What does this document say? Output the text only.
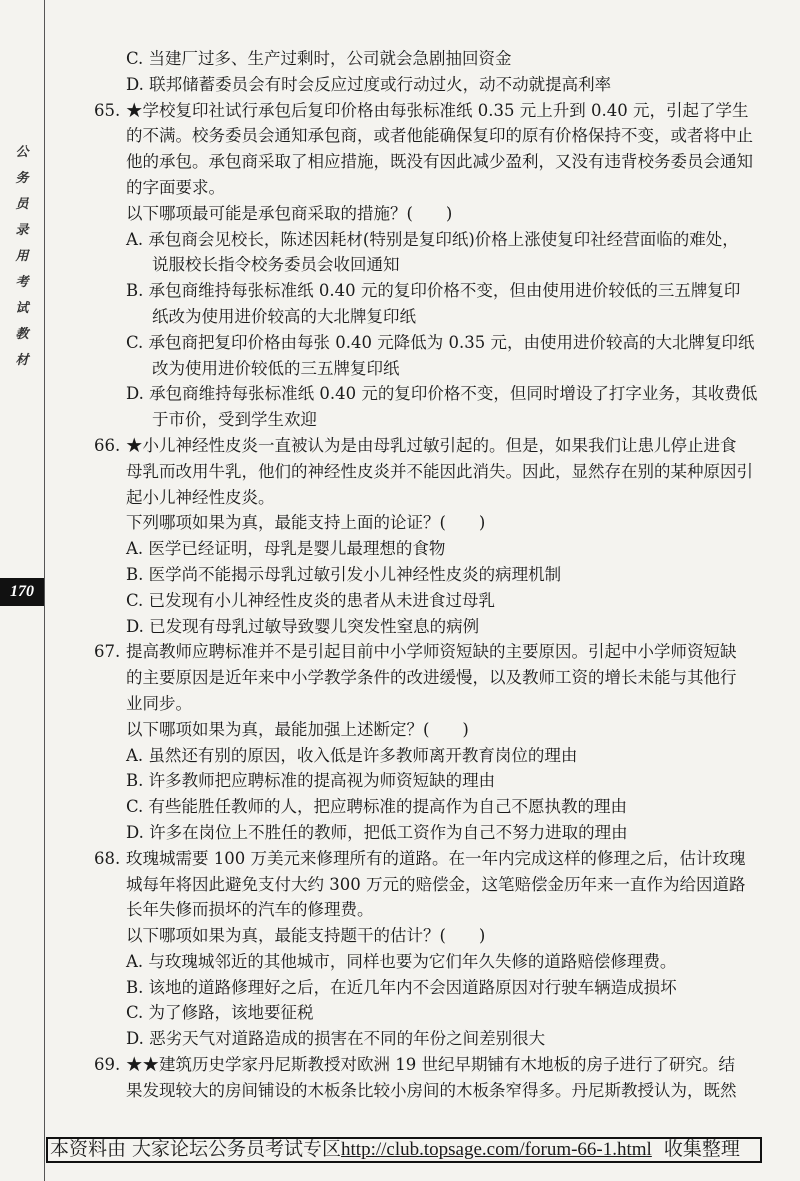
公
务
员
录
用
考
试
教
材
170
C. 当建厂过多、生产过剩时，公司就会急剧抽回资金
D. 联邦储蓄委员会有时会反应过度或行动过火，动不动就提高利率
65. ★学校复印社试行承包后复印价格由每张标准纸 0.35 元上升到 0.40 元，引起了学生
的不满。校务委员会通知承包商，或者他能确保复印的原有价格保持不变，或者将中止
他的承包。承包商采取了相应措施，既没有因此减少盈利，又没有违背校务委员会通知
的字面要求。
以下哪项最可能是承包商采取的措施？(　　)
A. 承包商会见校长，陈述因耗材(特别是复印纸)价格上涨使复印社经营面临的难处，
说服校长指令校务委员会收回通知
B. 承包商维持每张标准纸 0.40 元的复印价格不变，但由使用进价较低的三五牌复印
纸改为使用进价较高的大北牌复印纸
C. 承包商把复印价格由每张 0.40 元降低为 0.35 元，由使用进价较高的大北牌复印纸
改为使用进价较低的三五牌复印纸
D. 承包商维持每张标准纸 0.40 元的复印价格不变，但同时增设了打字业务，其收费低
于市价，受到学生欢迎
66. ★小儿神经性皮炎一直被认为是由母乳过敏引起的。但是，如果我们让患儿停止进食
母乳而改用牛乳，他们的神经性皮炎并不能因此消失。因此，显然存在别的某种原因引
起小儿神经性皮炎。
下列哪项如果为真，最能支持上面的论证？(　　)
A. 医学已经证明，母乳是婴儿最理想的食物
B. 医学尚不能揭示母乳过敏引发小儿神经性皮炎的病理机制
C. 已发现有小儿神经性皮炎的患者从未进食过母乳
D. 已发现有母乳过敏导致婴儿突发性窒息的病例
67. 提高教师应聘标准并不是引起目前中小学师资短缺的主要原因。引起中小学师资短缺
的主要原因是近年来中小学教学条件的改进缓慢，以及教师工资的增长未能与其他行
业同步。
以下哪项如果为真，最能加强上述断定？(　　)
A. 虽然还有别的原因，收入低是许多教师离开教育岗位的理由
B. 许多教师把应聘标准的提高视为师资短缺的理由
C. 有些能胜任教师的人，把应聘标准的提高作为自己不愿执教的理由
D. 许多在岗位上不胜任的教师，把低工资作为自己不努力进取的理由
68. 玫瑰城需要 100 万美元来修理所有的道路。在一年内完成这样的修理之后，估计玫瑰
城每年将因此避免支付大约 300 万元的赔偿金，这笔赔偿金历年来一直作为给因道路
长年失修而损坏的汽车的修理费。
以下哪项如果为真，最能支持题干的估计？(　　)
A. 与玫瑰城邻近的其他城市，同样也要为它们年久失修的道路赔偿修理费。
B. 该地的道路修理好之后，在近几年内不会因道路原因对行驶车辆造成损坏
C. 为了修路，该地要征税
D. 恶劣天气对道路造成的损害在不同的年份之间差别很大
69. ★★建筑历史学家丹尼斯教授对欧洲 19 世纪早期铺有木地板的房子进行了研究。结
果发现较大的房间铺设的木板条比较小房间的木板条窄得多。丹尼斯教授认为，既然
本资料由 大家论坛公务员考试专区http://club.topsage.com/forum-66-1.html 收集整理
